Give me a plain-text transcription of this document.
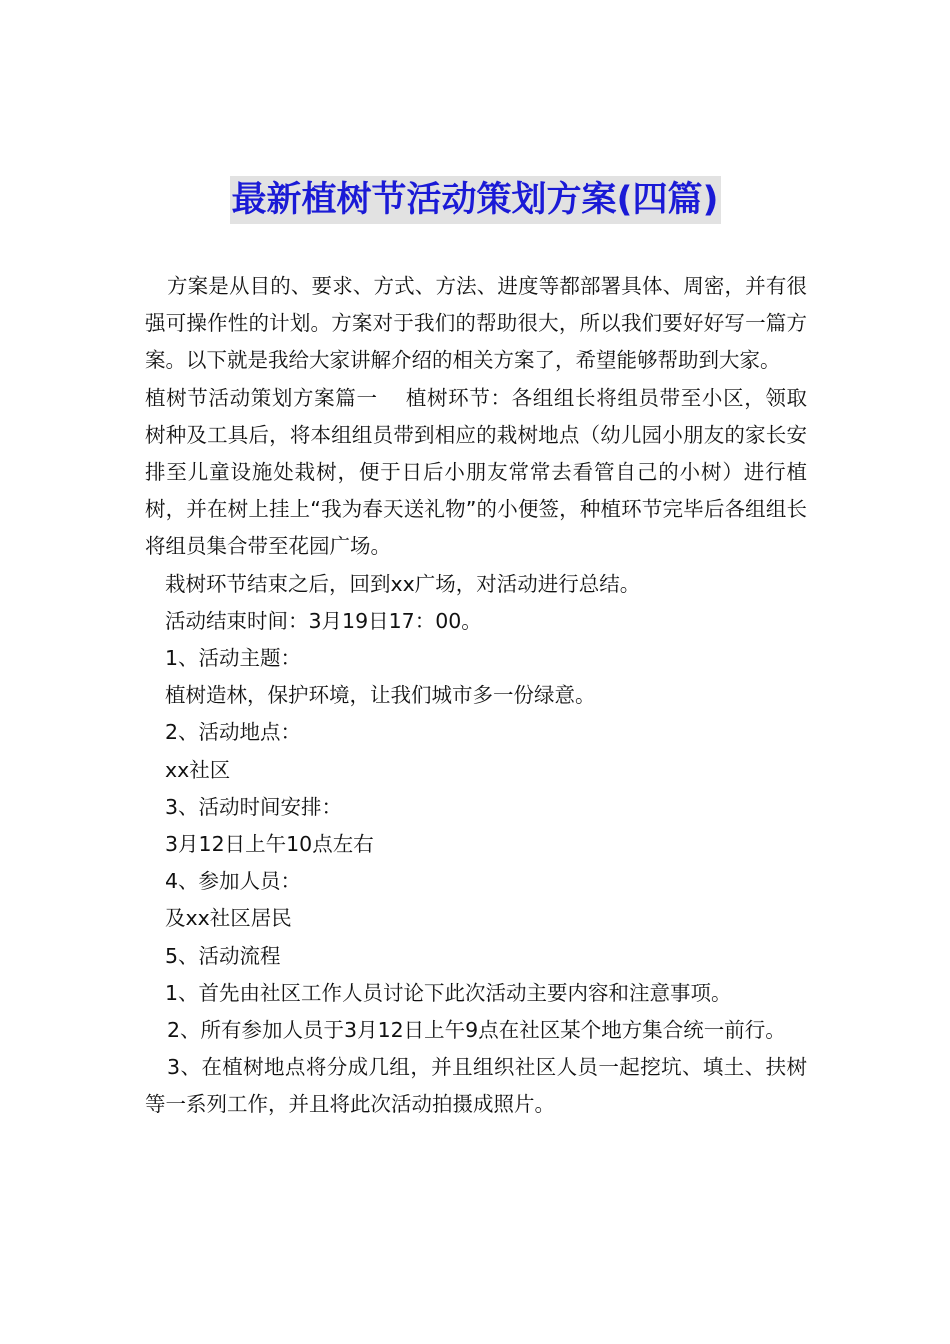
最新植树节活动策划方案(四篇)

方案是从目的、要求、方式、方法、进度等都部署具体、周密，并有很强可操作性的计划。方案对于我们的帮助很大，所以我们要好好写一篇方案。以下就是我给大家讲解介绍的相关方案了，希望能够帮助到大家。

植树节活动策划方案篇一　 植树环节：各组组长将组员带至小区，领取树种及工具后，将本组组员带到相应的栽树地点（幼儿园小朋友的家长安排至儿童设施处栽树，便于日后小朋友常常去看管自己的小树）进行植树，并在树上挂上“我为春天送礼物”的小便签，种植环节完毕后各组组长将组员集合带至花园广场。

栽树环节结束之后，回到xx广场，对活动进行总结。

活动结束时间：3月19日17：00。

1、活动主题：

植树造林，保护环境，让我们城市多一份绿意。

2、活动地点：

xx社区

3、活动时间安排：

3月12日上午10点左右

4、参加人员：

及xx社区居民

5、活动流程

1、首先由社区工作人员讨论下此次活动主要内容和注意事项。

2、所有参加人员于3月12日上午9点在社区某个地方集合统一前行。

3、在植树地点将分成几组，并且组织社区人员一起挖坑、填土、扶树等一系列工作，并且将此次活动拍摄成照片。
